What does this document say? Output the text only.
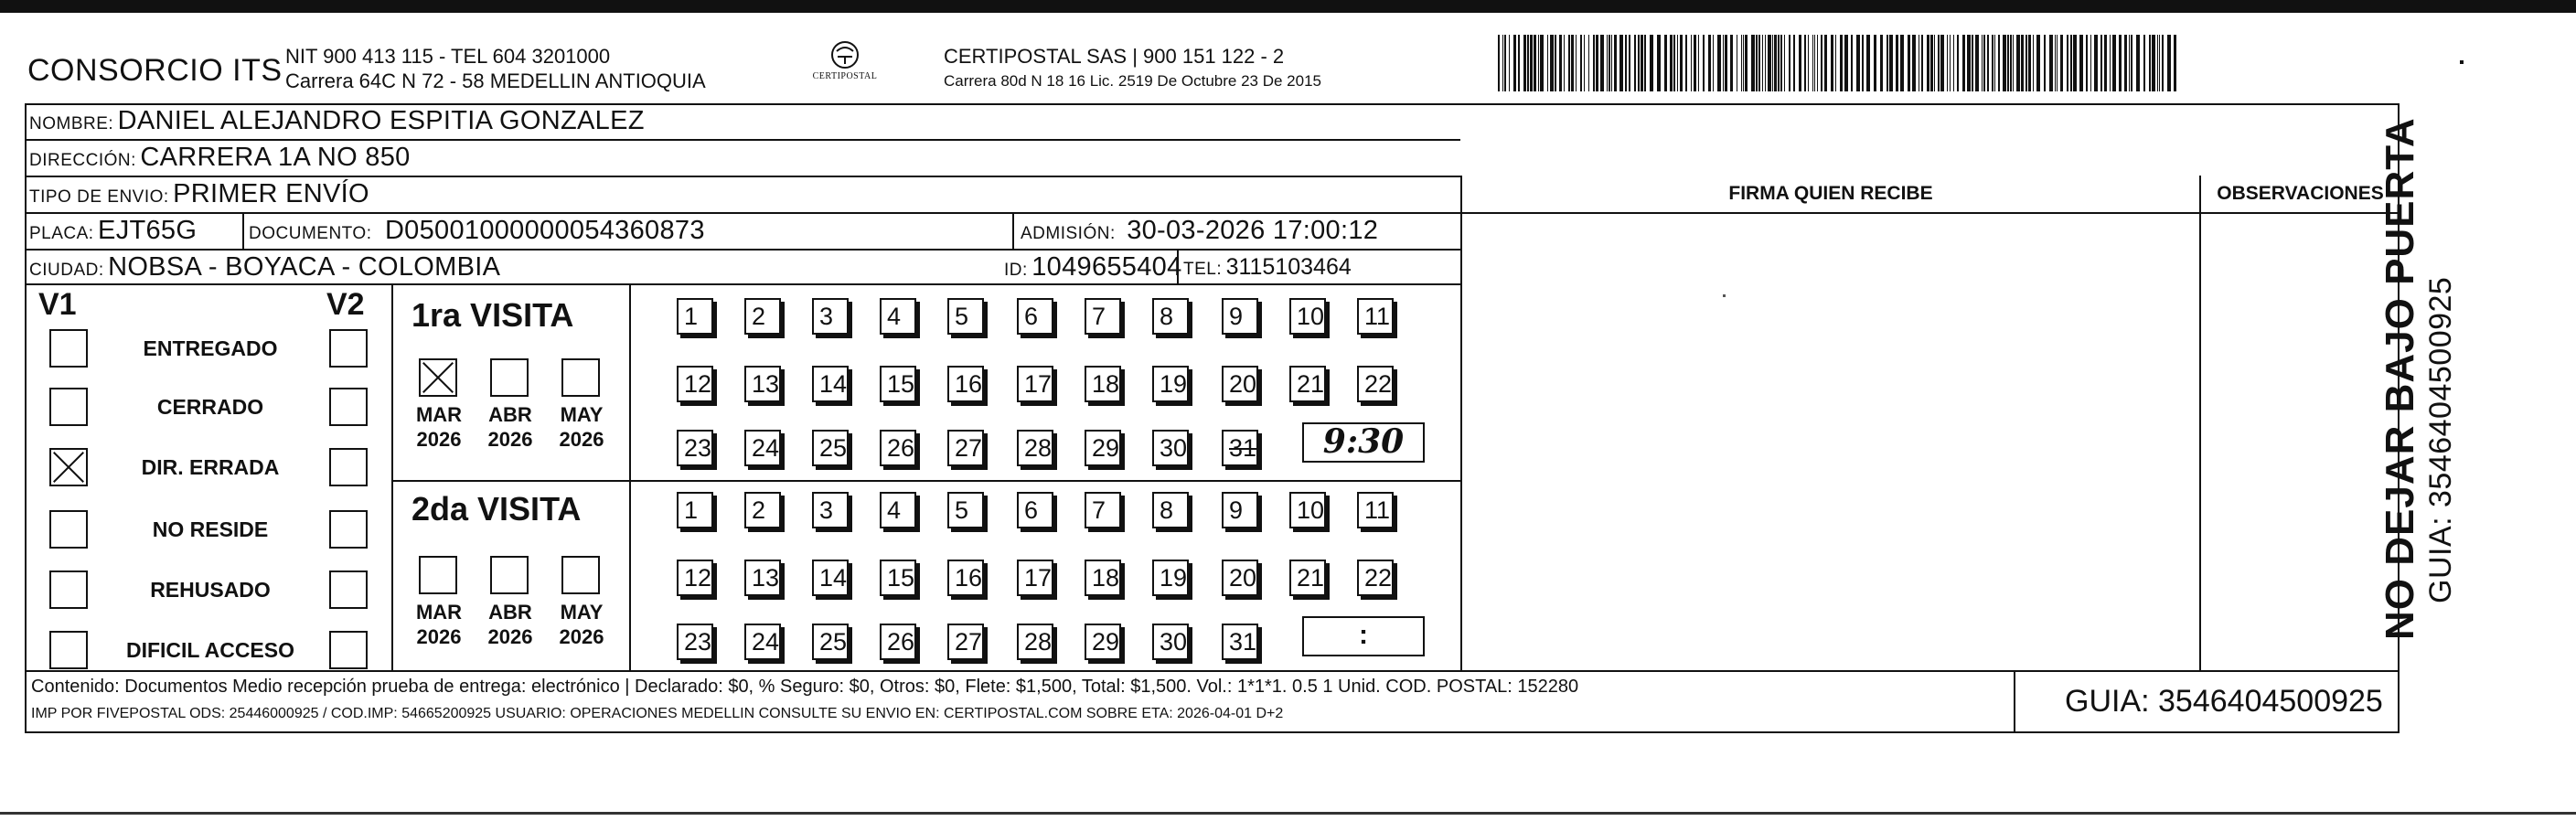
CONSORCIO ITS NIT 900 413 115 - TEL 604 3201000
Carrera 64C N 72 - 58 MEDELLIN ANTIOQUIA	CERTIPOSTAL
CERTIPOSTAL SAS | 900 151 122 - 2
Carrera 80d N 18 16 Lic. 2519 De Octubre 23 De 2015
NOMBRE: DANIEL ALEJANDRO ESPITIA GONZALEZ
DIRECCIÓN: CARRERA 1A NO 850
TIPO DE ENVIO: PRIMER ENVÍO	FIRMA QUIEN RECIBE	OBSERVACIONES
PLACA: EJT65G	DOCUMENTO: D05001000000054360873	ADMISIÓN: 30-03-2026 17:00:12
CIUDAD: NOBSA - BOYACA - COLOMBIA	ID: 1049655404 TEL: 3115103464
V1	V2
ENTREGADO
CERRADO
DIR. ERRADA
NO RESIDE
REHUSADO
DIFICIL ACCESO
1ra VISITA
MAR
2026
ABR
2026
MAY
2026
1	2	3	4	5	6	7	8	9	10 11
12 13 14 15 16 17 18 19 20 21 22
23 24 25 26 27 28 29 30 31	9:30
2da VISITA
MAR
2026
ABR
2026
MAY
2026
1	2	3	4	5	6	7	8	9	10 11
12 13 14 15 16 17 18 19 20 21 22
23 24 25 26 27 28 29 30 31	:
Contenido: Documentos Medio recepción prueba de entrega: electrónico | Declarado: $0, % Seguro: $0, Otros: $0, Flete: $1,500, Total: $1,500. Vol.: 1*1*1. 0.5 1 Unid. COD. POSTAL: 152280
IMP POR FIVEPOSTAL ODS: 25446000925 / COD.IMP: 54665200925 USUARIO: OPERACIONES MEDELLIN CONSULTE SU ENVIO EN: CERTIPOSTAL.COM SOBRE ETA: 2026-04-01 D+2	GUIA: 3546404500925
NO DEJAR BAJO PUERTA GUIA: 3546404500925
